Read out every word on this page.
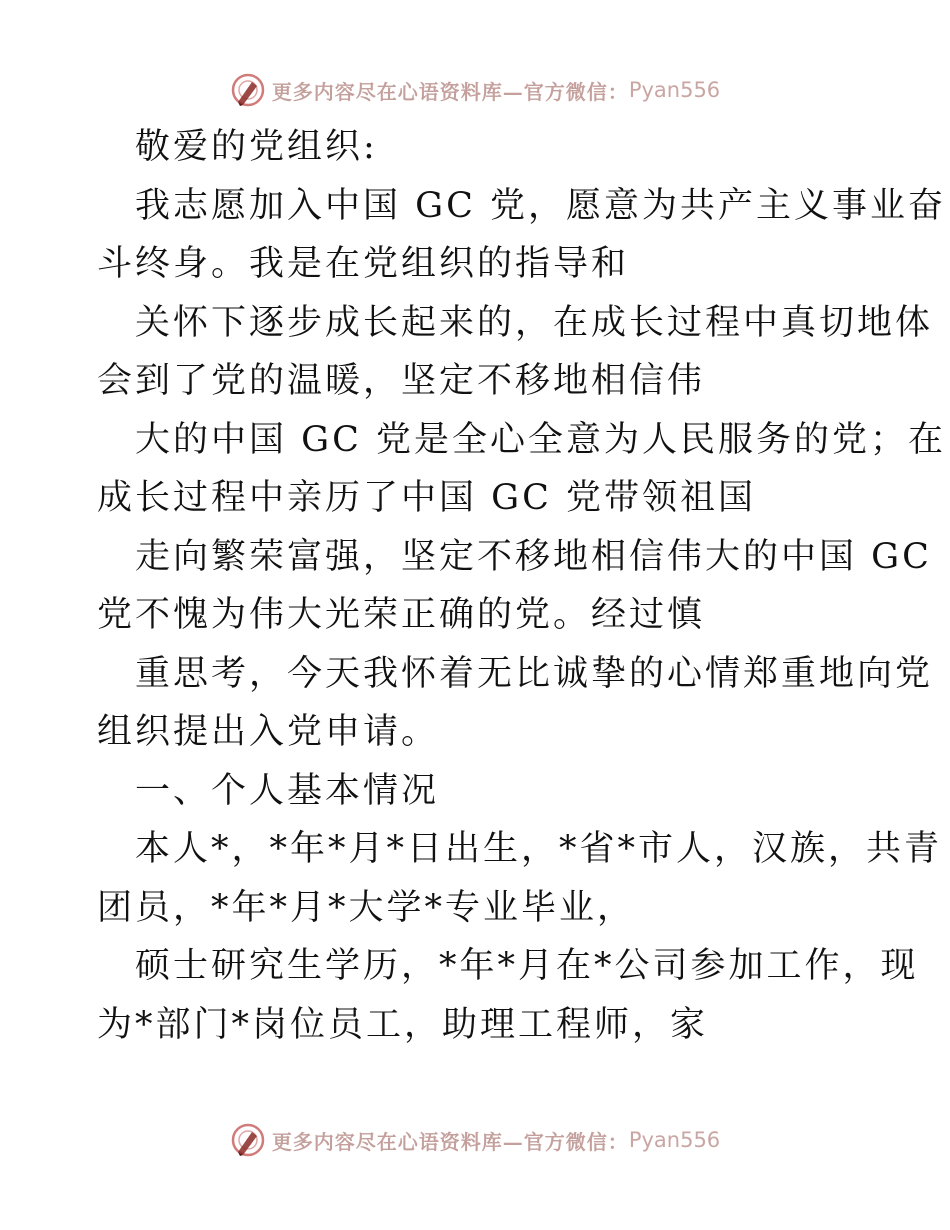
更多内容尽在心语资料库—官方微信： Pyan556
敬爱的党组织:
我志愿加入中国 GC 党，愿意为共产主义事业奋
斗终身。我是在党组织的指导和
关怀下逐步成长起来的，在成长过程中真切地体
会到了党的温暖，坚定不移地相信伟
大的中国 GC 党是全心全意为人民服务的党；在
成长过程中亲历了中国 GC 党带领祖国
走向繁荣富强，坚定不移地相信伟大的中国 GC
党不愧为伟大光荣正确的党。经过慎
重思考，今天我怀着无比诚挚的心情郑重地向党
组织提出入党申请。
一、个人基本情况
本人*，*年*月*日出生，*省*市人，汉族，共青
团员，*年*月*大学*专业毕业，
硕士研究生学历，*年*月在*公司参加工作，现
为*部门*岗位员工，助理工程师，家
更多内容尽在心语资料库—官方微信： Pyan556
